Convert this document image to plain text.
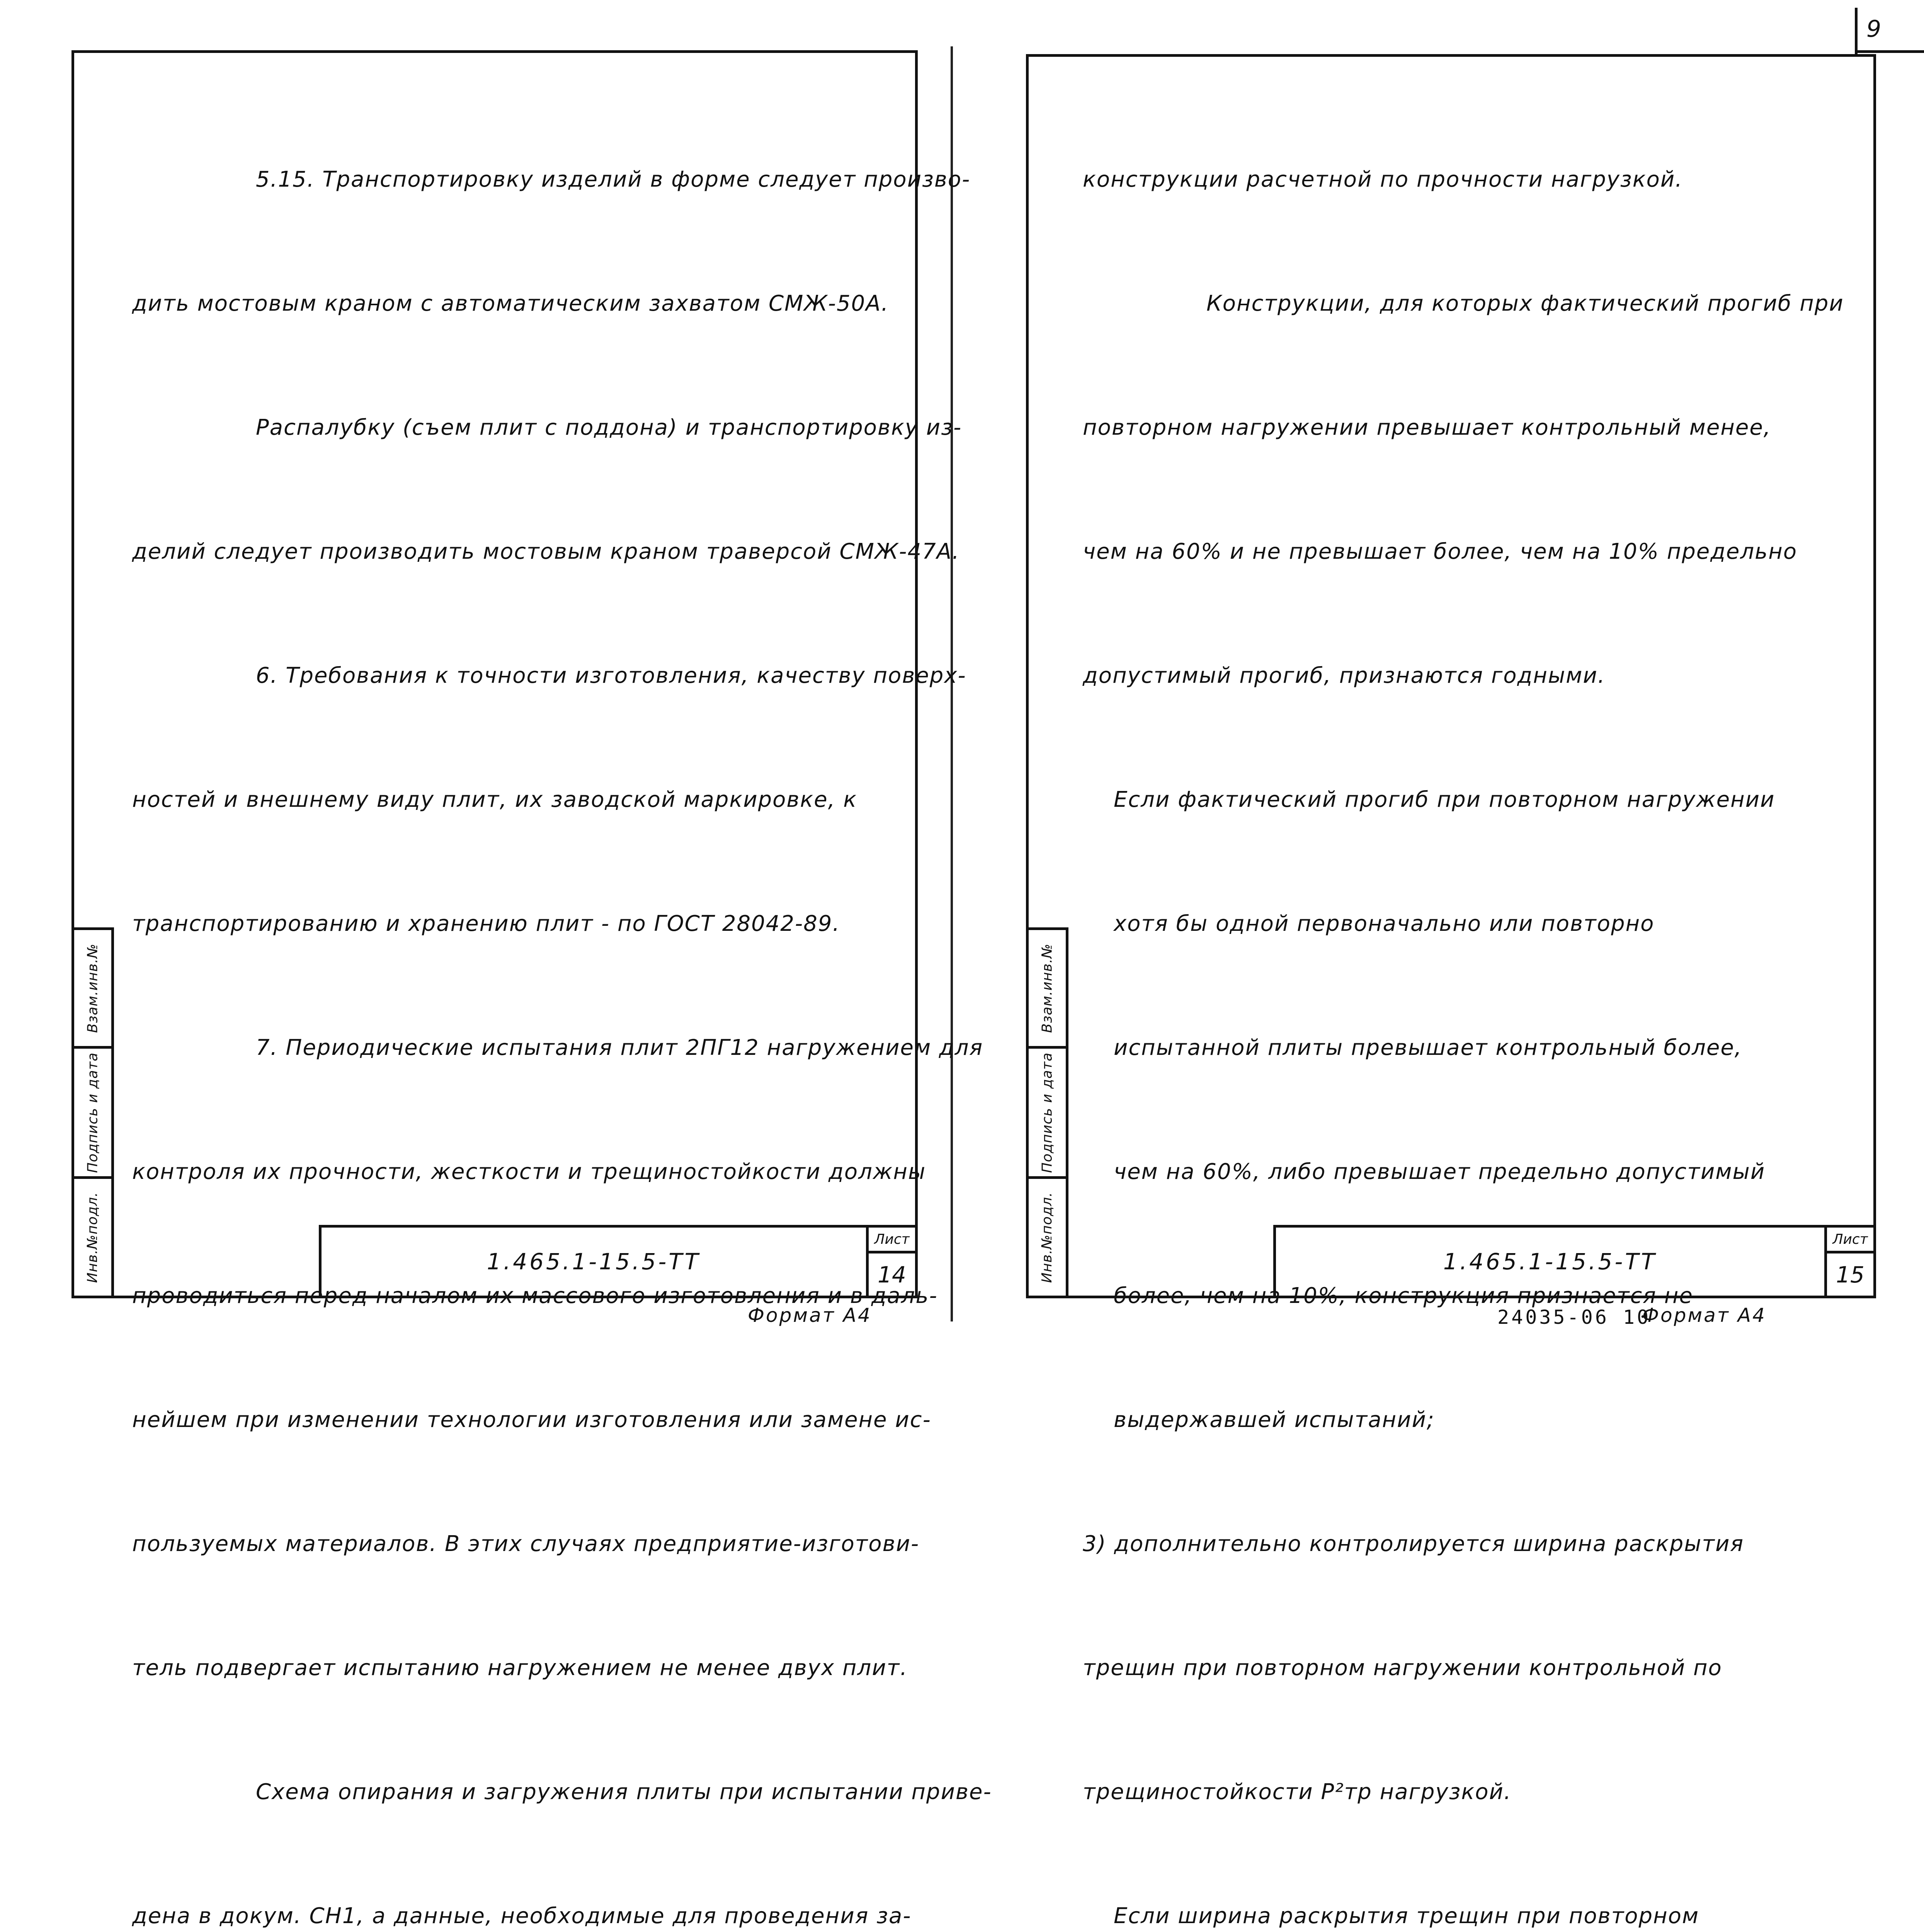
9

5.15. Транспортировку изделий в форме следует произво-

дить мостовым краном с автоматическим захватом СМЖ-50А.

Распалубку (съем плит с поддона) и транспортировку из-

делий следует производить мостовым краном траверсой СМЖ-47А.

6. Требования к точности изготовления, качеству поверх-

ностей и внешнему виду плит, их заводской маркировке, к

транспортированию и хранению плит - по ГОСТ 28042-89.

7. Периодические испытания плит 2ПГ12 нагружением для

контроля их прочности, жесткости и трещиностойкости должны

проводиться перед началом их массового изготовления и в даль-

нейшем при изменении технологии изготовления или замене ис-

пользуемых материалов. В этих случаях предприятие-изготови-

тель подвергает испытанию нагружением не менее двух плит.

Схема опирания и загружения плиты при испытании приве-

дена в докум. СН1, а данные, необходимые для проведения за-

Взам.инв.№
Подпись и дата
Инв.№подл.	1.465.1-15.5-ТТ
Лист
14
Формат А4

конструкции расчетной по прочности нагрузкой.

Конструкции, для которых фактический прогиб при

повторном нагружении превышает контрольный менее,

чем на 60% и не превышает более, чем на 10% предельно

допустимый прогиб, признаются годными.

Если фактический прогиб при повторном нагружении

хотя бы одной первоначально или повторно

испытанной плиты превышает контрольный более,

чем на 60%, либо превышает предельно допустимый

более, чем на 10%, конструкция признается не

выдержавшей испытаний;

3) дополнительно контролируется ширина раскрытия

трещин при повторном нагружении контрольной по

трещиностойкости Р²тр нагрузкой.

Если ширина раскрытия трещин при повторном

Взам.инв.№
Подпись и дата
Инв.№подл.	1.465.1-15.5-ТТ
Лист
15
24035-06 10
Формат А4
